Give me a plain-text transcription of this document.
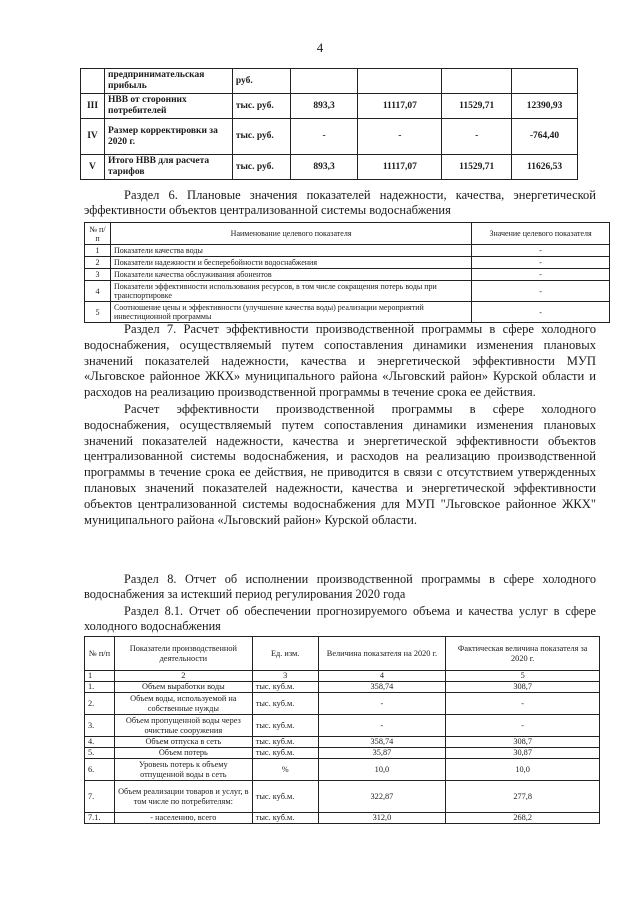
4
	предпринимательская прибыль	руб.				
III	НВВ от сторонних потребителей	тыс. руб.	893,3	11117,07	11529,71	12390,93
IV	Размер корректировки за 2020 г.	тыс. руб.	-	-	-	-764,40
V	Итого НВВ для расчета тарифов	тыс. руб.	893,3	11117,07	11529,71	11626,53
Раздел 6. Плановые значения показателей надежности, качества, энергетической эффективности объектов централизованной системы водоснабжения
№ п/п	Наименование целевого показателя	Значение целевого показателя
1	Показатели качества воды	-
2	Показатели надежности и бесперебойности водоснабжения	-
3	Показатели качества обслуживания абонентов	-
4	Показатели эффективности использования ресурсов, в том числе сокращения потерь воды при транспортировке	-
5	Соотношение цены и эффективности (улучшение качества воды) реализации мероприятий инвестиционной программы	-

Раздел 7. Расчет эффективности производственной программы в сфере холодного водоснабжения, осуществляемый путем сопоставления динамики изменения плановых значений показателей надежности, качества и энергетической эффективности МУП «Льговское районное ЖКХ» муниципального района «Льговский район» Курской области и расходов на реализацию производственной программы в течение срока ее действия.

Расчет эффективности производственной программы в сфере холодного водоснабжения, осуществляемый путем сопоставления динамики изменения плановых значений показателей надежности, качества и энергетической эффективности объектов централизованной системы водоснабжения, и расходов на реализацию производственной программы в течение срока ее действия, не приводится в связи с отсутствием утвержденных плановых значений показателей надежности, качества и энергетической эффективности объектов централизованной системы водоснабжения для МУП "Льговское районное ЖКХ" муниципального района «Льговский район» Курской области.

Раздел 8. Отчет об исполнении производственной программы в сфере холодного водоснабжения за истекший период регулирования 2020 года
Раздел 8.1. Отчет об обеспечении прогнозируемого объема и качества услуг в сфере холодного водоснабжения
№ п/п	Показатели производственной деятельности	Ед. изм.	Величина показателя на 2020 г.	Фактическая величина показателя за 2020 г.
1	2	3	4	5
1.	Объем выработки воды	тыс. куб.м.	358,74	308,7
2.	Объем воды, используемой на собственные нужды	тыс. куб.м.	-	-
3.	Объем пропущенной воды через очистные сооружения	тыс. куб.м.	-	-
4.	Объем отпуска в сеть	тыс. куб.м.	358,74	308,7
5.	Объем потерь	тыс. куб.м.	35,87	30,87
6.	Уровень потерь к объему отпущенной воды в сеть	%	10,0	10,0
7.	Объем реализации товаров и услуг, в том числе по потребителям:	тыс. куб.м.	322,87	277,8
7.1.	- населению, всего	тыс. куб.м.	312,0	268,2
